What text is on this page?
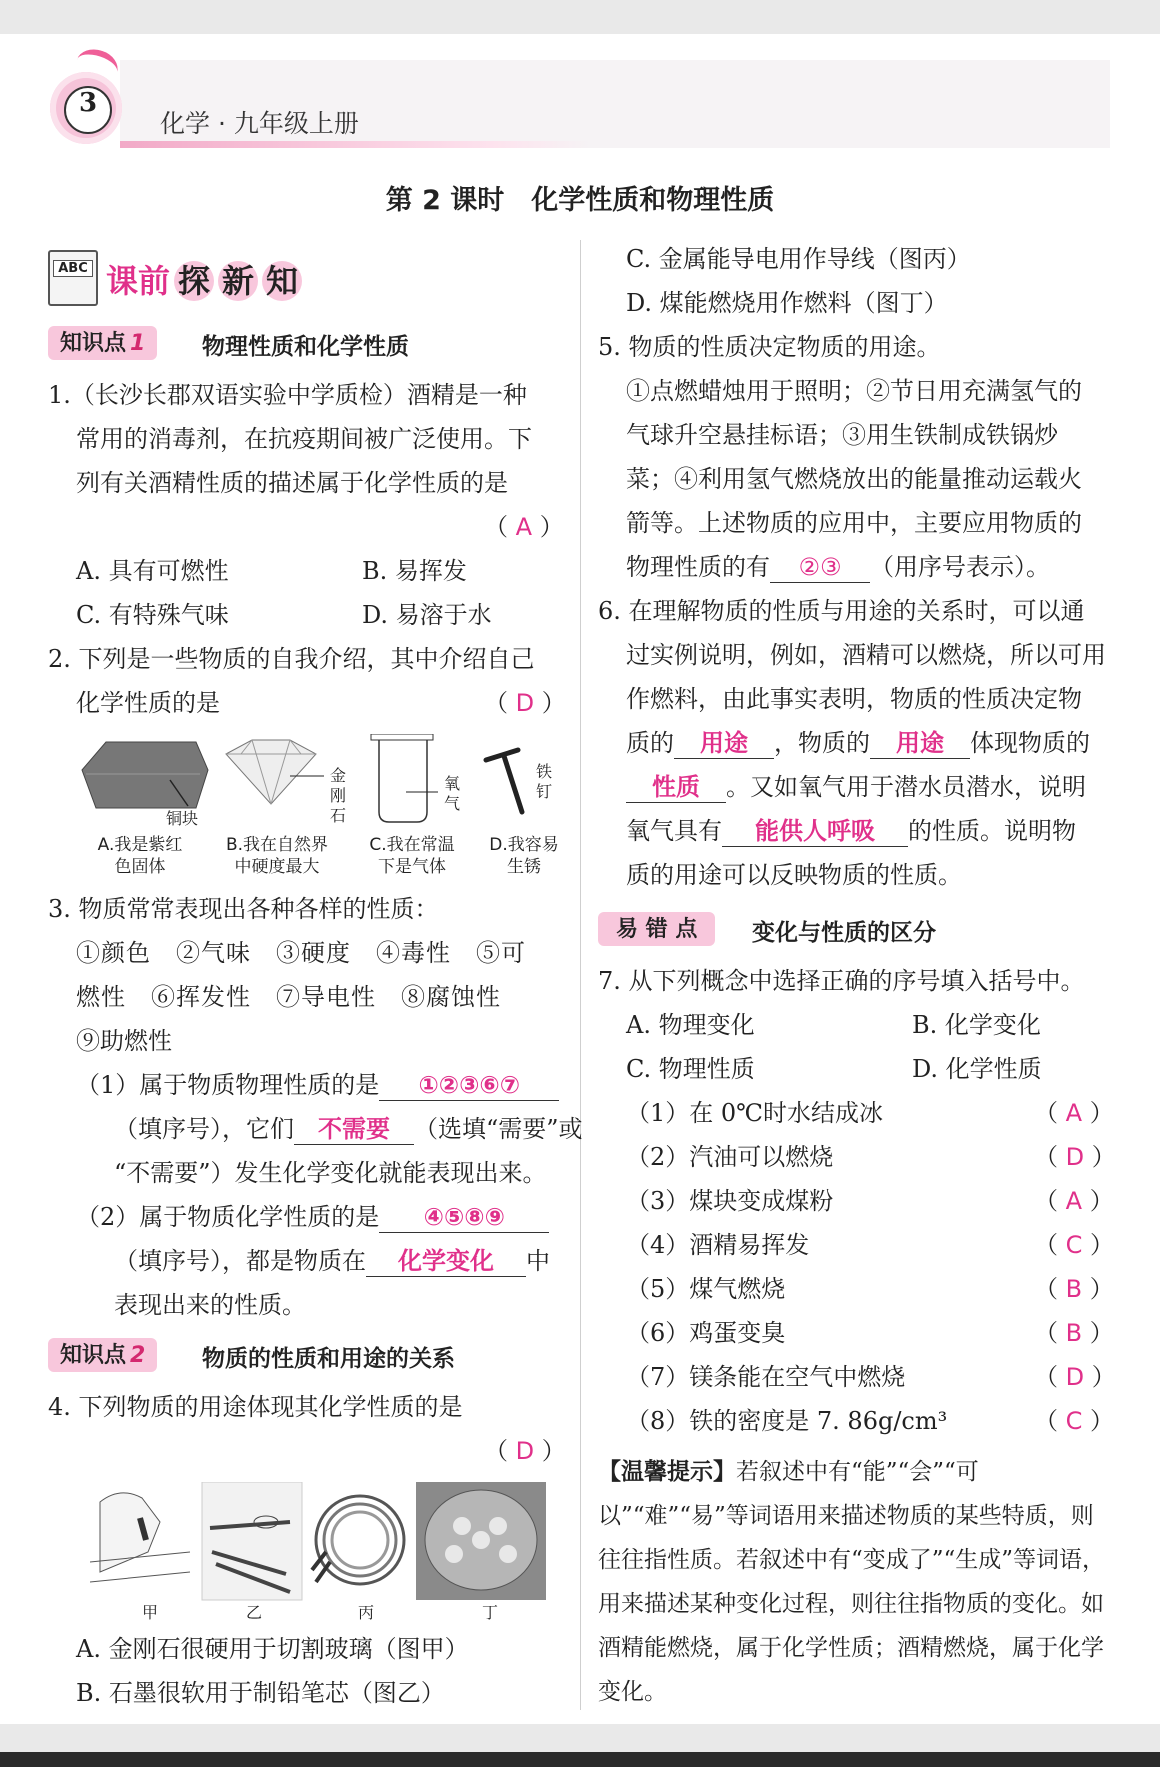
3
化学 · 九年级上册
第 2 课时　化学性质和物理性质
ABC 课前 探 新 知
知识点 1 物理性质和化学性质
1.（长沙长郡双语实验中学质检）酒精是一种
常用的消毒剂，在抗疫期间被广泛使用。下
列有关酒精性质的描述属于化学性质的是
（ A ）
A. 具有可燃性	B. 易挥发
C. 有特殊气味	D. 易溶于水
2. 下列是一些物质的自我介绍，其中介绍自己
化学性质的是	（ D ）
铜块
金
刚
石
氧
气
铁
钉
A.我是紫红
色固体
B.我在自然界
中硬度最大
C.我在常温
下是气体
D.我容易
生锈
3. 物质常常表现出各种各样的性质：
①颜色　②气味　③硬度　④毒性　⑤可
燃性　⑥挥发性　⑦导电性　⑧腐蚀性
⑨助燃性
（1）属于物质物理性质的是 ①②③⑥⑦
（填序号），它们 不需要 （选填“需要”或
“不需要”）发生化学变化就能表现出来。
（2）属于物质化学性质的是 ④⑤⑧⑨
（填序号），都是物质在 化学变化 中
表现出来的性质。
知识点 2 物质的性质和用途的关系
4. 下列物质的用途体现其化学性质的是
（ D ）
甲	乙	丙	丁
A. 金刚石很硬用于切割玻璃（图甲）
B. 石墨很软用于制铅笔芯（图乙）
C. 金属能导电用作导线（图丙）
D. 煤能燃烧用作燃料（图丁）
5. 物质的性质决定物质的用途。
①点燃蜡烛用于照明；②节日用充满氢气的
气球升空悬挂标语；③用生铁制成铁锅炒
菜；④利用氢气燃烧放出的能量推动运载火
箭等。上述物质的应用中，主要应用物质的
物理性质的有 ②③ （用序号表示）。
6. 在理解物质的性质与用途的关系时，可以通
过实例说明，例如，酒精可以燃烧，所以可用
作燃料，由此事实表明，物质的性质决定物
质的 用途 ，物质的 用途 体现物质的
性质 。又如氧气用于潜水员潜水，说明
氧气具有 能供人呼吸 的性质。说明物
质的用途可以反映物质的性质。
易 错 点 变化与性质的区分
7. 从下列概念中选择正确的序号填入括号中。
A. 物理变化	B. 化学变化
C. 物理性质	D. 化学性质
（1）在 0℃时水结成冰	（ A ）
（2）汽油可以燃烧	（ D ）
（3）煤块变成煤粉	（ A ）
（4）酒精易挥发	（ C ）
（5）煤气燃烧	（ B ）
（6）鸡蛋变臭	（ B ）
（7）镁条能在空气中燃烧	（ D ）
（8）铁的密度是 7. 86g/cm³	（ C ）
【温馨提示】若叙述中有“能”“会”“可以”“难”“易”等词语用来描述物质的某些特质，则往往指性质。若叙述中有“变成了”“生成”等词语，用来描述某种变化过程，则往往指物质的变化。如酒精能燃烧，属于化学性质；酒精燃烧，属于化学变化。
